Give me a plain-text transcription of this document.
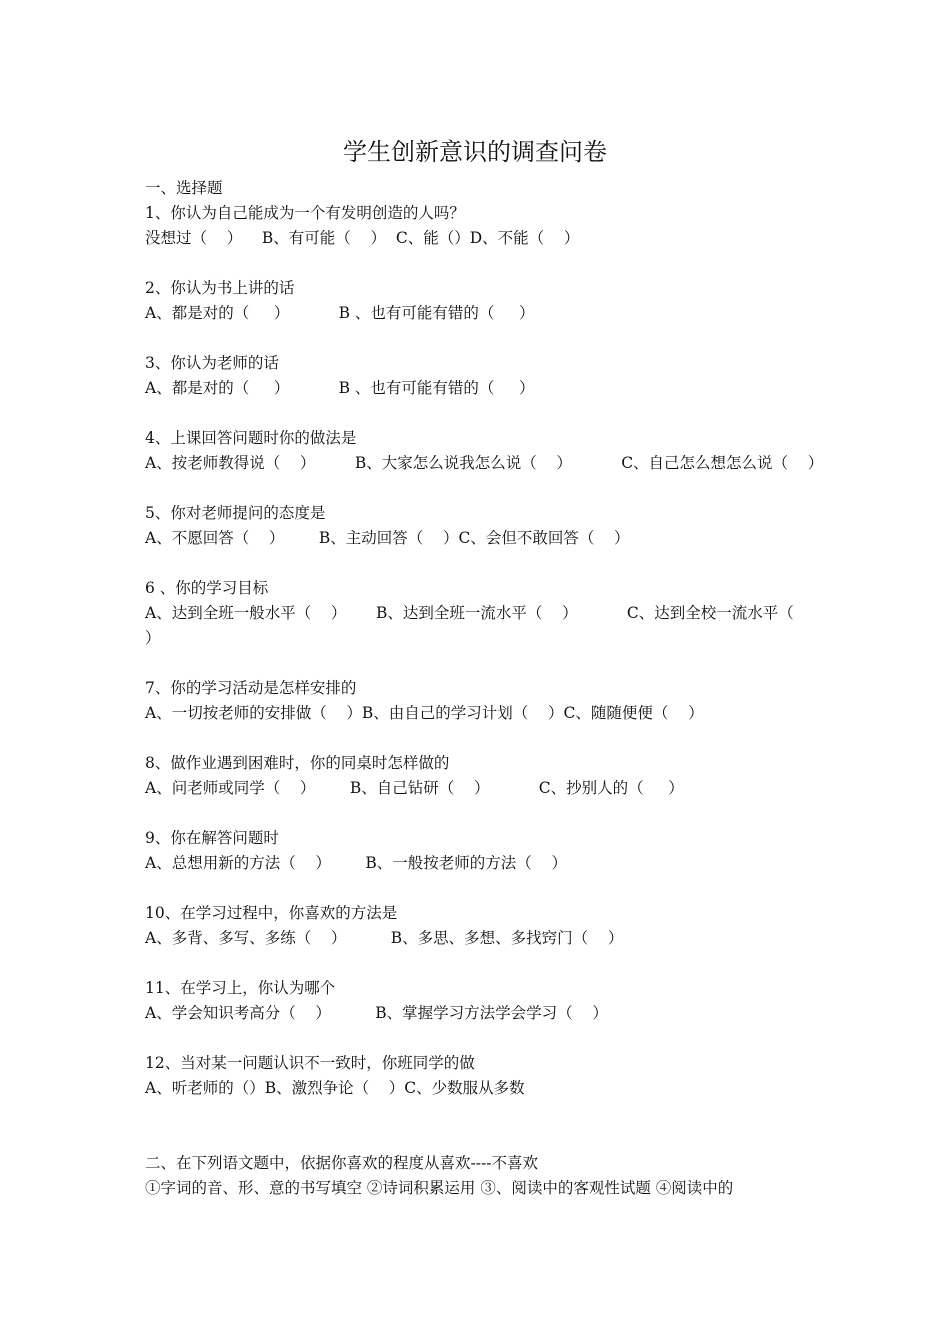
学生创新意识的调查问卷
一、选择题
1、你认为自己能成为一个有发明创造的人吗？
没想过（    ）    B、有可能（    ）  C、能（）D、不能（    ）
2、你认为书上讲的话
A、都是对的（     ）          B 、也有可能有错的（     ）
3、你认为老师的话
A、都是对的（     ）          B 、也有可能有错的（     ）
4、上课回答问题时你的做法是
A、按老师教得说（    ）        B、大家怎么说我怎么说（    ）          C、自己怎么想怎么说（    ）
5、你对老师提问的态度是
A、不愿回答（    ）       B、主动回答（    ）C、会但不敢回答（    ）
6 、你的学习目标
A、达到全班一般水平（    ）      B、达到全班一流水平（    ）          C、达到全校一流水平（    ）
7、你的学习活动是怎样安排的
A、一切按老师的安排做（    ）B、由自己的学习计划（    ）C、随随便便（    ）
8、做作业遇到困难时，你的同桌时怎样做的
A、问老师或同学（    ）       B、自己钻研（    ）          C、抄别人的（     ）
9、你在解答问题时
A、总想用新的方法（    ）       B、一般按老师的方法（    ）
10、在学习过程中，你喜欢的方法是
A、多背、多写、多练（    ）         B、多思、多想、多找窍门（    ）
11、在学习上，你认为哪个
A、学会知识考高分（    ）         B、掌握学习方法学会学习（    ）
12、当对某一问题认识不一致时，你班同学的做
A、听老师的（）B、激烈争论（    ）C、少数服从多数
二、在下列语文题中，依据你喜欢的程度从喜欢----不喜欢
①字词的音、形、意的书写填空 ②诗词积累运用 ③、阅读中的客观性试题 ④阅读中的
